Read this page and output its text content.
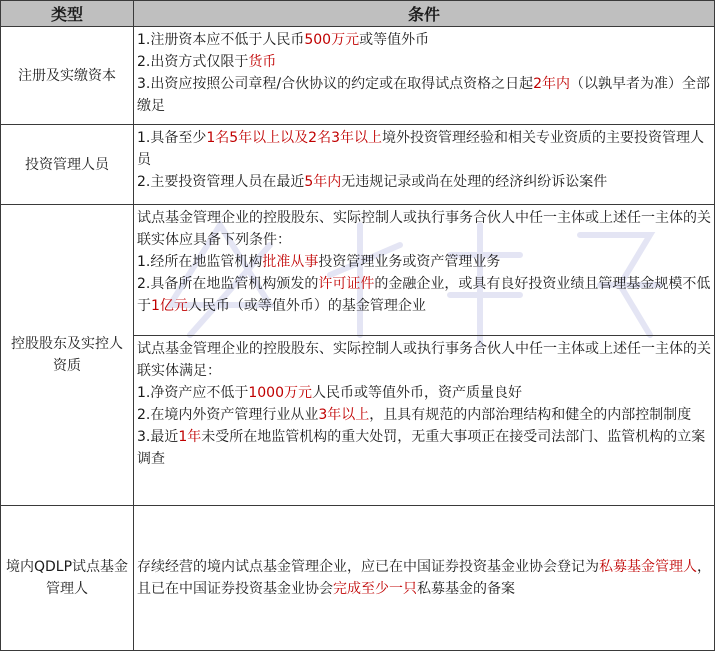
类型	条件
注册及实缴资本	1.注册资本应不低于人民币500万元或等值外币
2.出资方式仅限于货币
3.出资应按照公司章程/合伙协议的约定或在取得试点资格之日起2年内（以孰早者为准）全部缴足

投资管理人员	1.具备至少1名5年以上以及2名3年以上境外投资管理经验和相关专业资质的主要投资管理人员
2.主要投资管理人员在最近5年内无违规记录或尚在处理的经济纠纷诉讼案件

控股股东及实控人资质	试点基金管理企业的控股股东、实际控制人或执行事务合伙人中任一主体或上述任一主体的关联实体应具备下列条件：
1.经所在地监管机构批准从事投资管理业务或资产管理业务
2.具备所在地监管机构颁发的许可证件的金融企业，或具有良好投资业绩且管理基金规模不低于1亿元人民币（或等值外币）的基金管理企业

	试点基金管理企业的控股股东、实际控制人或执行事务合伙人中任一主体或上述任一主体的关联实体满足：
1.净资产应不低于1000万元人民币或等值外币，资产质量良好
2.在境内外资产管理行业从业3年以上，且具有规范的内部治理结构和健全的内部控制制度
3.最近1年未受所在地监管机构的重大处罚，无重大事项正在接受司法部门、监管机构的立案调查

境内QDLP试点基金管理人	存续经营的境内试点基金管理企业，应已在中国证券投资基金业协会登记为私募基金管理人，且已在中国证券投资基金业协会完成至少一只私募基金的备案
